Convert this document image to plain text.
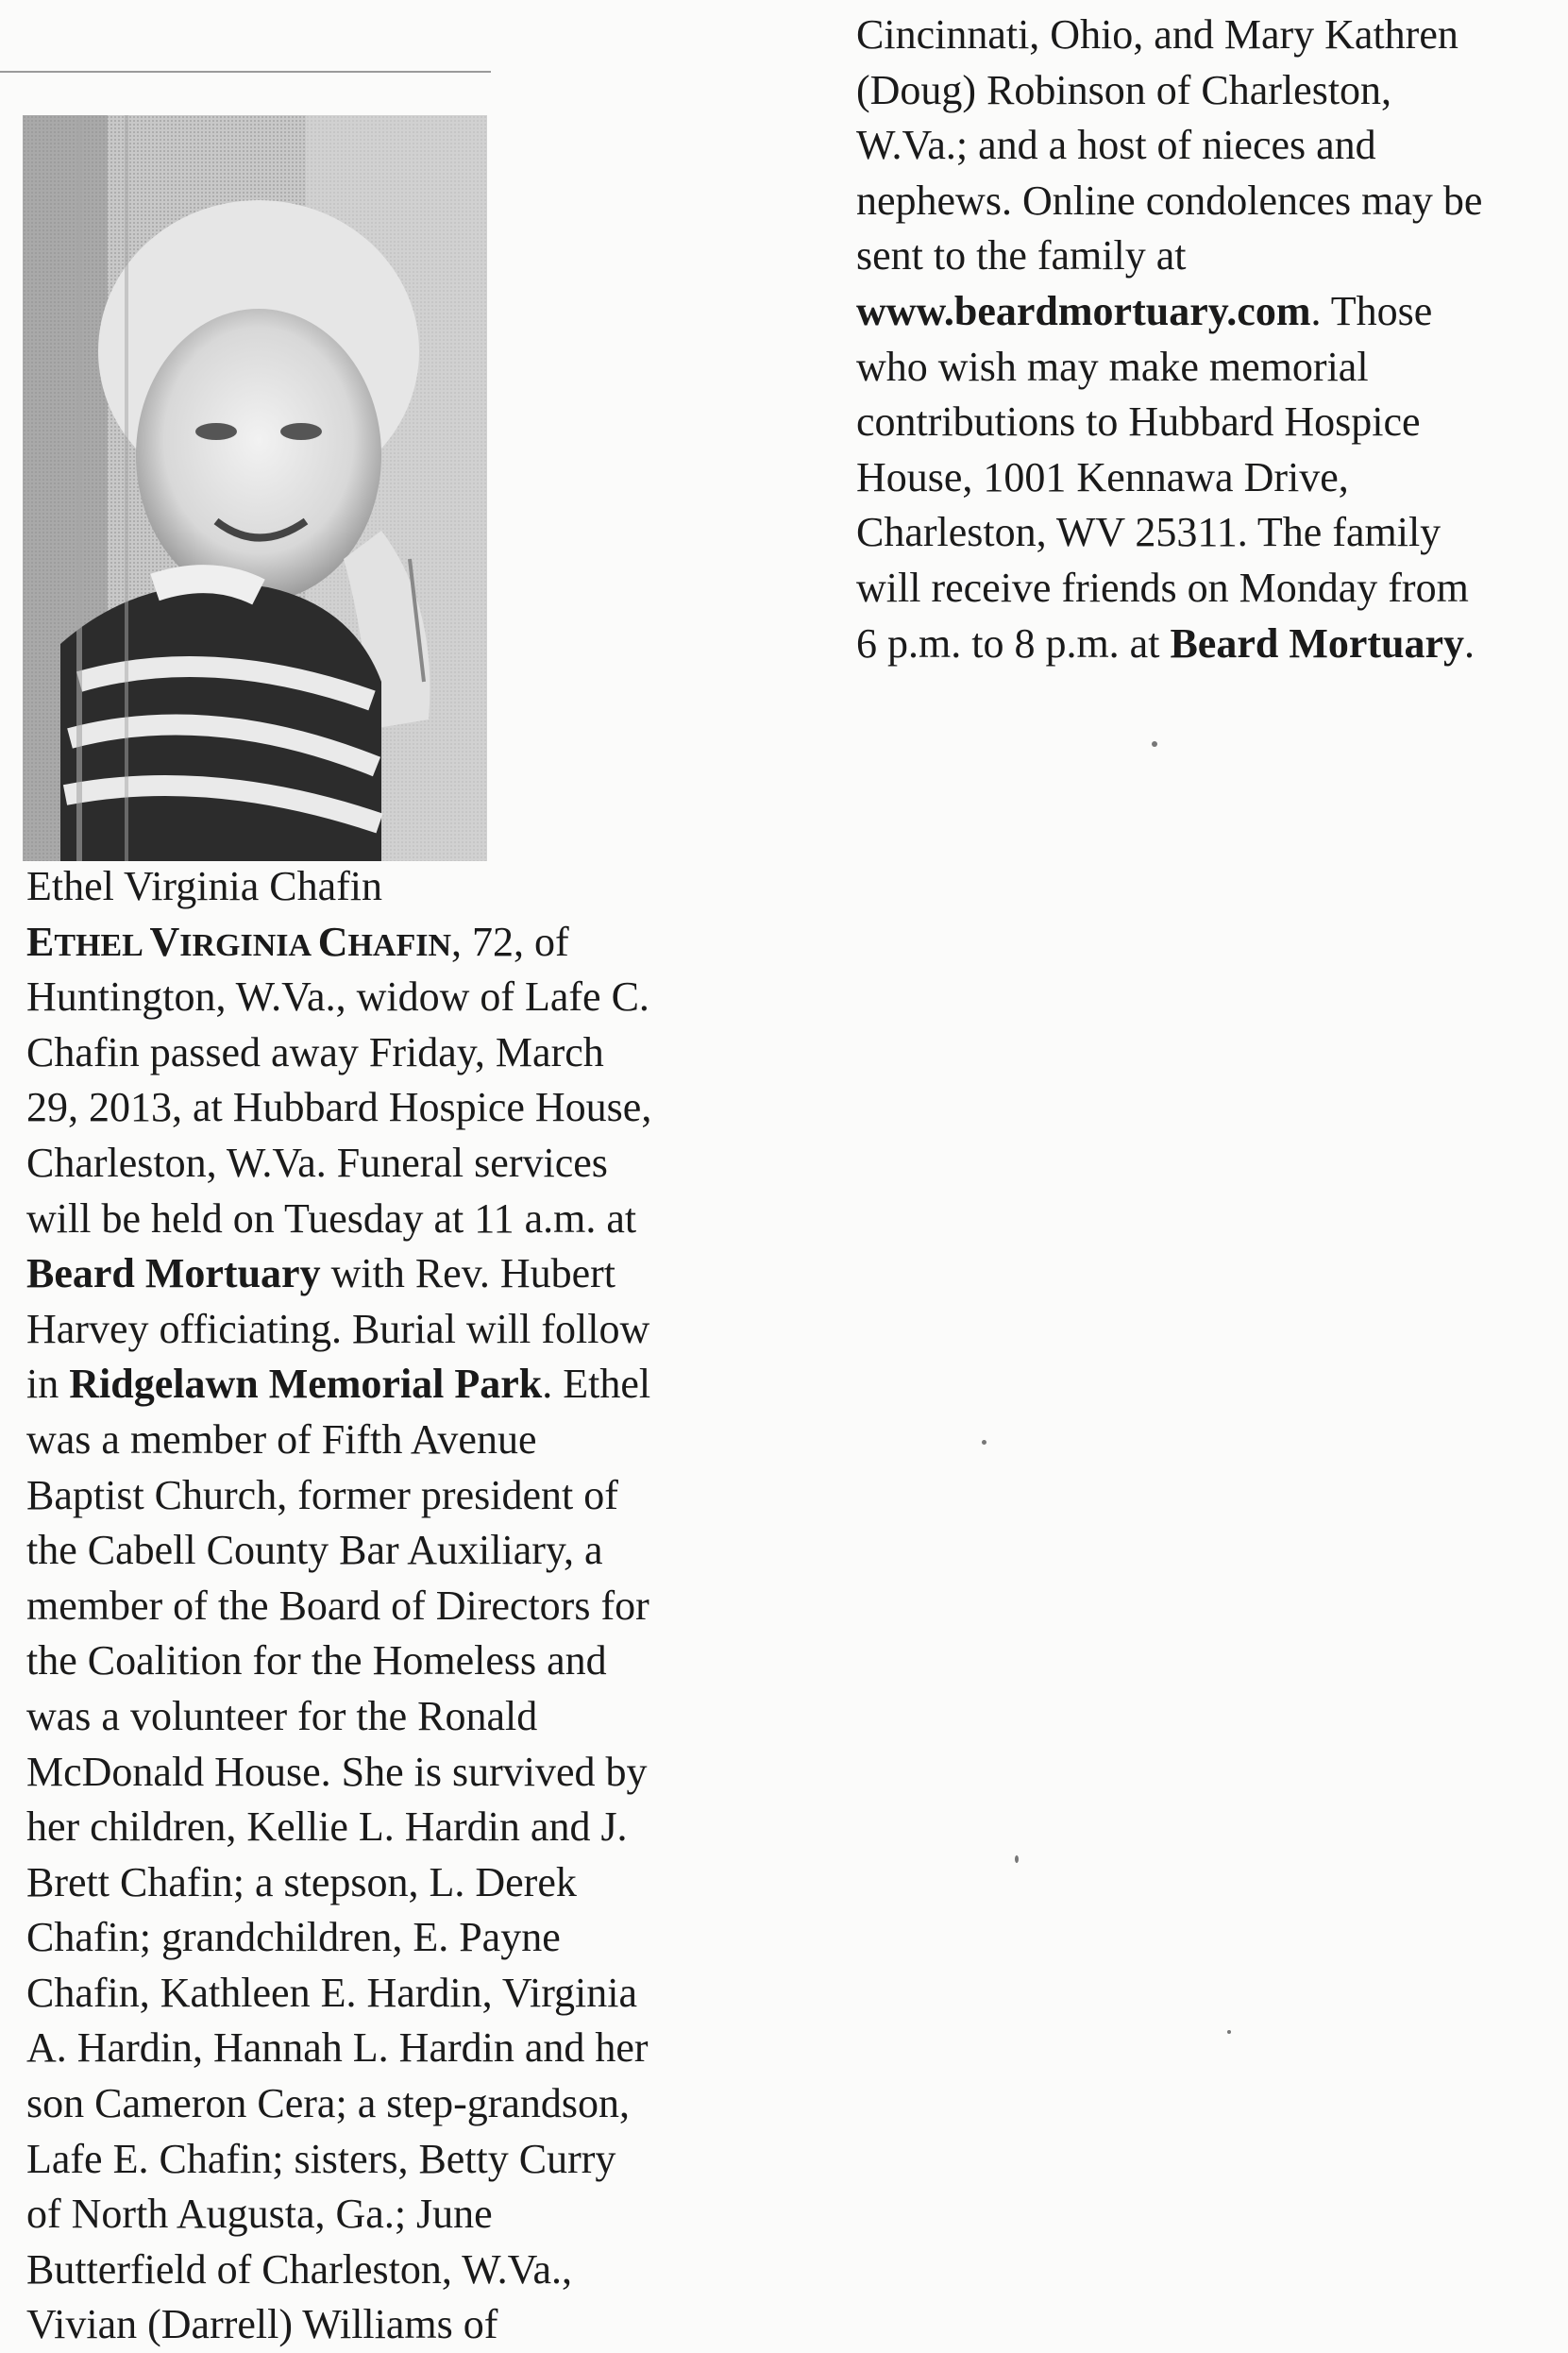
Ethel Virginia Chafin
ETHEL VIRGINIA CHAFIN, 72, of
Huntington, W.Va., widow of Lafe C.
Chafin passed away Friday, March
29, 2013, at Hubbard Hospice House,
Charleston, W.Va. Funeral services
will be held on Tuesday at 11 a.m. at
Beard Mortuary with Rev. Hubert
Harvey officiating. Burial will follow
in Ridgelawn Memorial Park. Ethel
was a member of Fifth Avenue
Baptist Church, former president of
the Cabell County Bar Auxiliary, a
member of the Board of Directors for
the Coalition for the Homeless and
was a volunteer for the Ronald
McDonald House. She is survived by
her children, Kellie L. Hardin and J.
Brett Chafin; a stepson, L. Derek
Chafin; grandchildren, E. Payne
Chafin, Kathleen E. Hardin, Virginia
A. Hardin, Hannah L. Hardin and her
son Cameron Cera; a step-grandson,
Lafe E. Chafin; sisters, Betty Curry
of North Augusta, Ga.; June
Butterfield of Charleston, W.Va.,
Vivian (Darrell) Williams of
Cincinnati, Ohio, and Mary Kathren
(Doug) Robinson of Charleston,
W.Va.; and a host of nieces and
nephews. Online condolences may be
sent to the family at
www.beardmortuary.com. Those
who wish may make memorial
contributions to Hubbard Hospice
House, 1001 Kennawa Drive,
Charleston, WV 25311. The family
will receive friends on Monday from
6 p.m. to 8 p.m. at Beard Mortuary.
